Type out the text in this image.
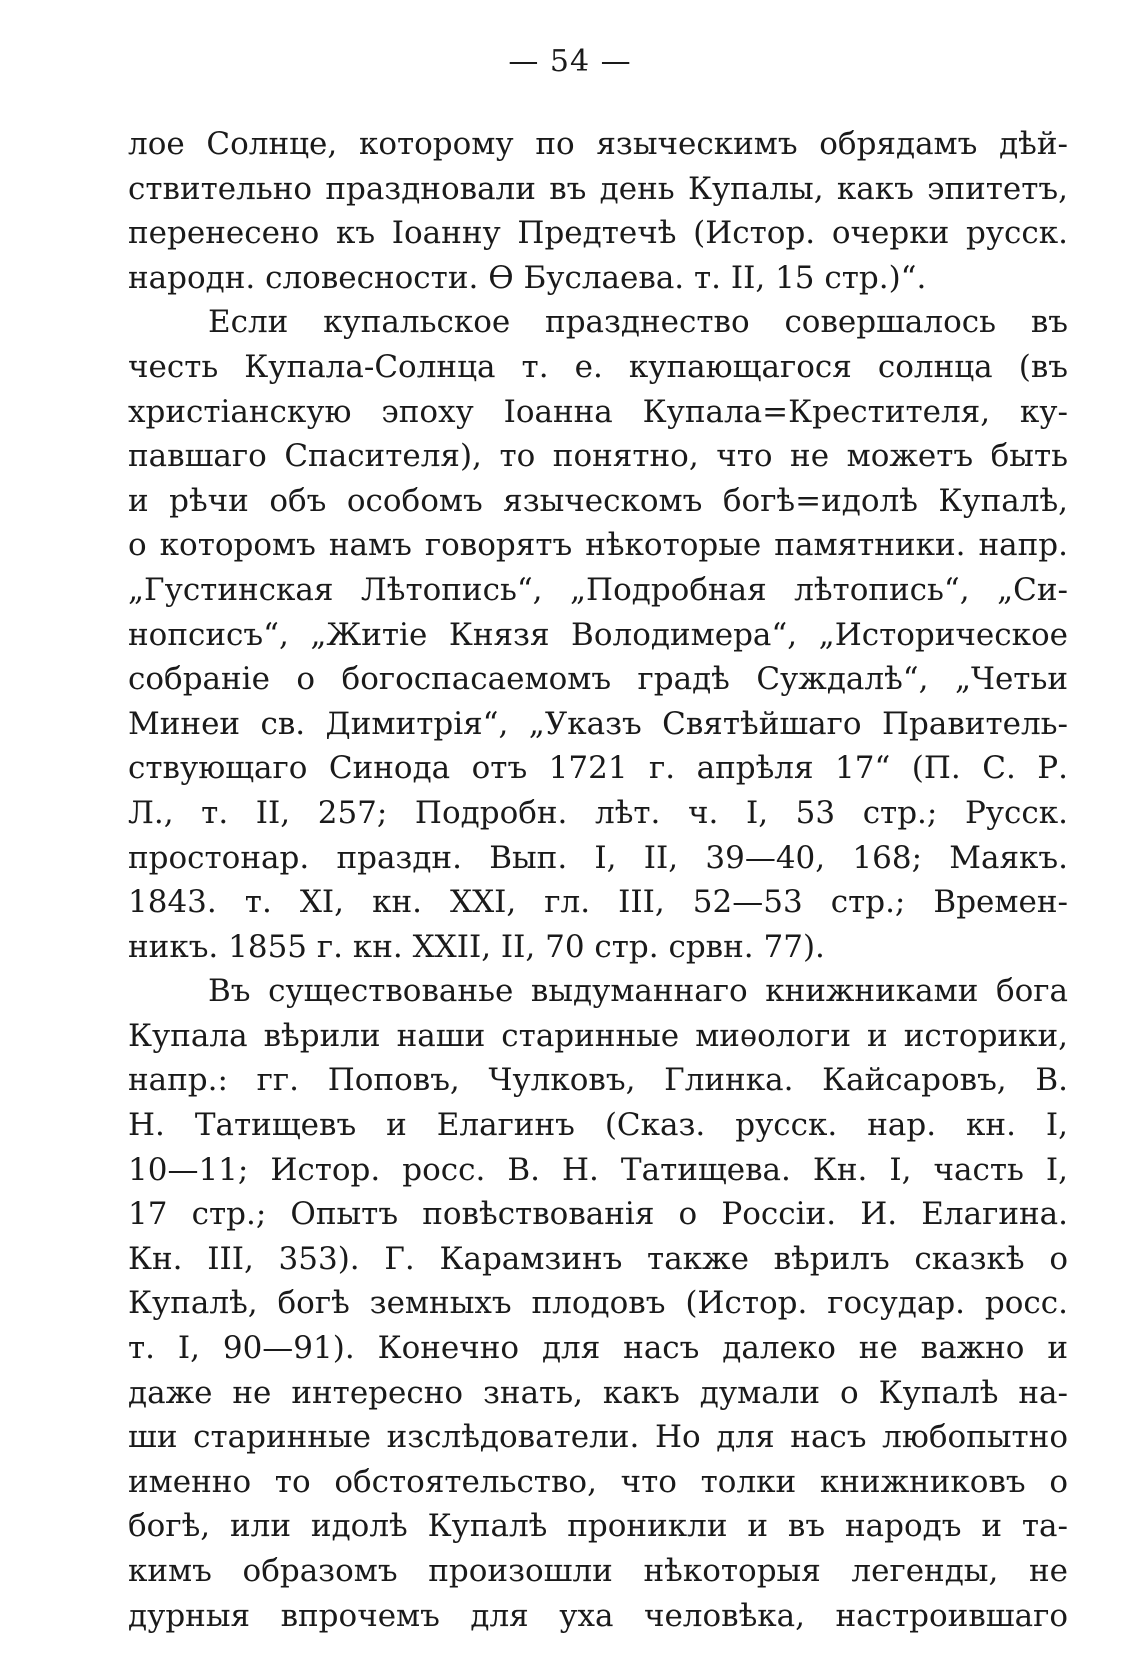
— 54 —
лое Солнце, которому по языческимъ обрядамъ дѣй-
ствительно праздновали въ день Купалы, какъ эпитетъ,
перенесено къ Іоанну Предтечѣ (Истор. очерки русск.
народн. словесности. Ѳ Буслаева. т. II, 15 стр.)“.
Если купальское празднество совершалось въ
честь Купала-Солнца т. е. купающагося солнца (въ
христіанскую эпоху Іоанна Купала=Крестителя, ку-
павшаго Спасителя), то понятно, что не можетъ быть
и рѣчи объ особомъ языческомъ богѣ=идолѣ Купалѣ,
о которомъ намъ говорятъ нѣкоторые памятники. напр.
„Густинская Лѣтопись“, „Подробная лѣтопись“, „Си-
нопсисъ“, „Житіе Князя Володимера“, „Историческое
собраніе о богоспасаемомъ градѣ Суждалѣ“, „Четьи
Минеи св. Димитрія“, „Указъ Святѣйшаго Правитель-
ствующаго Синода отъ 1721 г. апрѣля 17“ (П. С. Р.
Л., т. II, 257; Подробн. лѣт. ч. I, 53 стр.; Русск.
простонар. праздн. Вып. I, II, 39—40, 168; Маякъ.
1843. т. XI, кн. XXI, гл. III, 52—53 стр.; Времен-
никъ. 1855 г. кн. XXII, II, 70 стр. срвн. 77).
Въ существованье выдуманнаго книжниками бога
Купала вѣрили наши старинные миѳологи и историки,
напр.: гг. Поповъ, Чулковъ, Глинка. Кайсаровъ, В.
Н. Татищевъ и Елагинъ (Сказ. русск. нар. кн. I,
10—11; Истор. росс. В. Н. Татищева. Кн. I, часть I,
17 стр.; Опытъ повѣствованія о Россіи. И. Елагина.
Кн. III, 353). Г. Карамзинъ также вѣрилъ сказкѣ о
Купалѣ, богѣ земныхъ плодовъ (Истор. государ. росс.
т. I, 90—91). Конечно для насъ далеко не важно и
даже не интересно знать, какъ думали о Купалѣ на-
ши старинные изслѣдователи. Но для насъ любопытно
именно то обстоятельство, что толки книжниковъ о
богѣ, или идолѣ Купалѣ проникли и въ народъ и та-
кимъ образомъ произошли нѣкоторыя легенды, не
дурныя впрочемъ для уха человѣка, настроившаго
